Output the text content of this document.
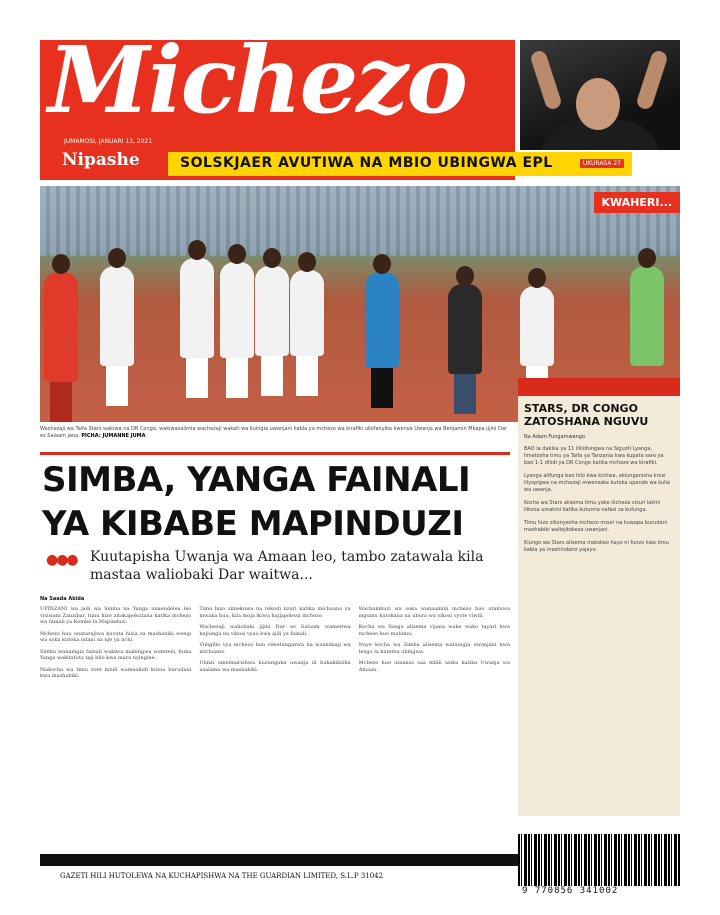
Michezo
JUMAMOSI, JANUARI 13, 2021
Nipashe	SOLSKJAER AVUTIWA NA MBIO UBINGWA EPL	UKURASA 27
KWAHERI...
Wachezaji wa Taifa Stars wakiwa na DR Congo, wakiwasalimia wachezaji wakati wa kuingia uwanjani kabla ya mchezo wa kirafiki uliofanyika kwenye Uwanja wa Benjamin Mkapa jijini Dar es Salaam jana. PICHA: JUMANNE JUMA
STARS, DR CONGO ZATOSHANA NGUVU
Na Adam Fungamwango

BAO la dakika ya 11 lililofungwa na Siguoti Lyanga, limetosha timu ya Taifa ya Tanzania kwa kupata sare ya bao 1-1 dhidi ya DR Congo katika mchezo wa kirafiki.

Lyanga alifunga bao hilo kwa kichwa, akiunganisha krosi iliyopigwa na mchezaji mwenzake kutoka upande wa kulia wa uwanja.

Kocha wa Stars alisema timu yake ilicheza vizuri lakini ilikosa umakini katika kutumia nafasi za kufunga.

Timu hizo zilionyesha mchezo mzuri na kuwapa burudani mashabiki waliojitokeza uwanjani.

Kiungo wa Stars alisema matokeo hayo ni funzo kwa timu kabla ya mashindano yajayo.

SIMBA, YANGA FAINALI YA KIBABE MAPINDUZI
●●● Kuutapisha Uwanja wa Amaan leo, tambo zatawala kila mastaa waliobaki Dar waitwa...
Na Saada Akida

UPINZANI wa jadi wa Simba na Yanga unaendelea leo visiwani Zanzibar, timu hizo zitakapokutana katika mchezo wa fainali ya Kombe la Mapinduzi.

Mchezo huo unatarajiwa kuvuta hisia za mashabiki wengi wa soka kutoka ndani na nje ya nchi.

Simba wanaingia fainali wakiwa mabingwa watetezi, huku Yanga wakitafuta taji hilo kwa mara nyingine.

Makocha wa timu zote mbili wameahidi kutoa burudani kwa mashabiki.

Timu hizo zimekuwa na rekodi nzuri katika michuano ya mwaka huu, kila moja ikiwa haijapoteza mchezo.

Wachezaji waliobaki jijini Dar es Salaam wameitwa kujiunga na vikosi vyao kwa ajili ya fainali.

Viingilio vya mchezo huo vimetangazwa na waandaaji wa michuano.

Ulinzi umeimarishwa kuzunguka uwanja ili kuhakikisha usalama wa mashabiki.

Wachambuzi wa soka wanaamini mchezo huo utakuwa mgumu kutokana na ubora wa vikosi vyote viwili.

Kocha wa Yanga alisema vijana wake wako tayari kwa mchezo huo muhimu.

Naye kocha wa Simba alisema wataingia uwanjani kwa lengo la kutetea ubingwa.

Mchezo huo utaanza saa mbili usiku katika Uwanja wa Amaan.

GAZETI HILI HUTOLEWA NA KUCHAPISHWA NA THE GUARDIAN LIMITED, S.L.P 31042
9 770856 341002
